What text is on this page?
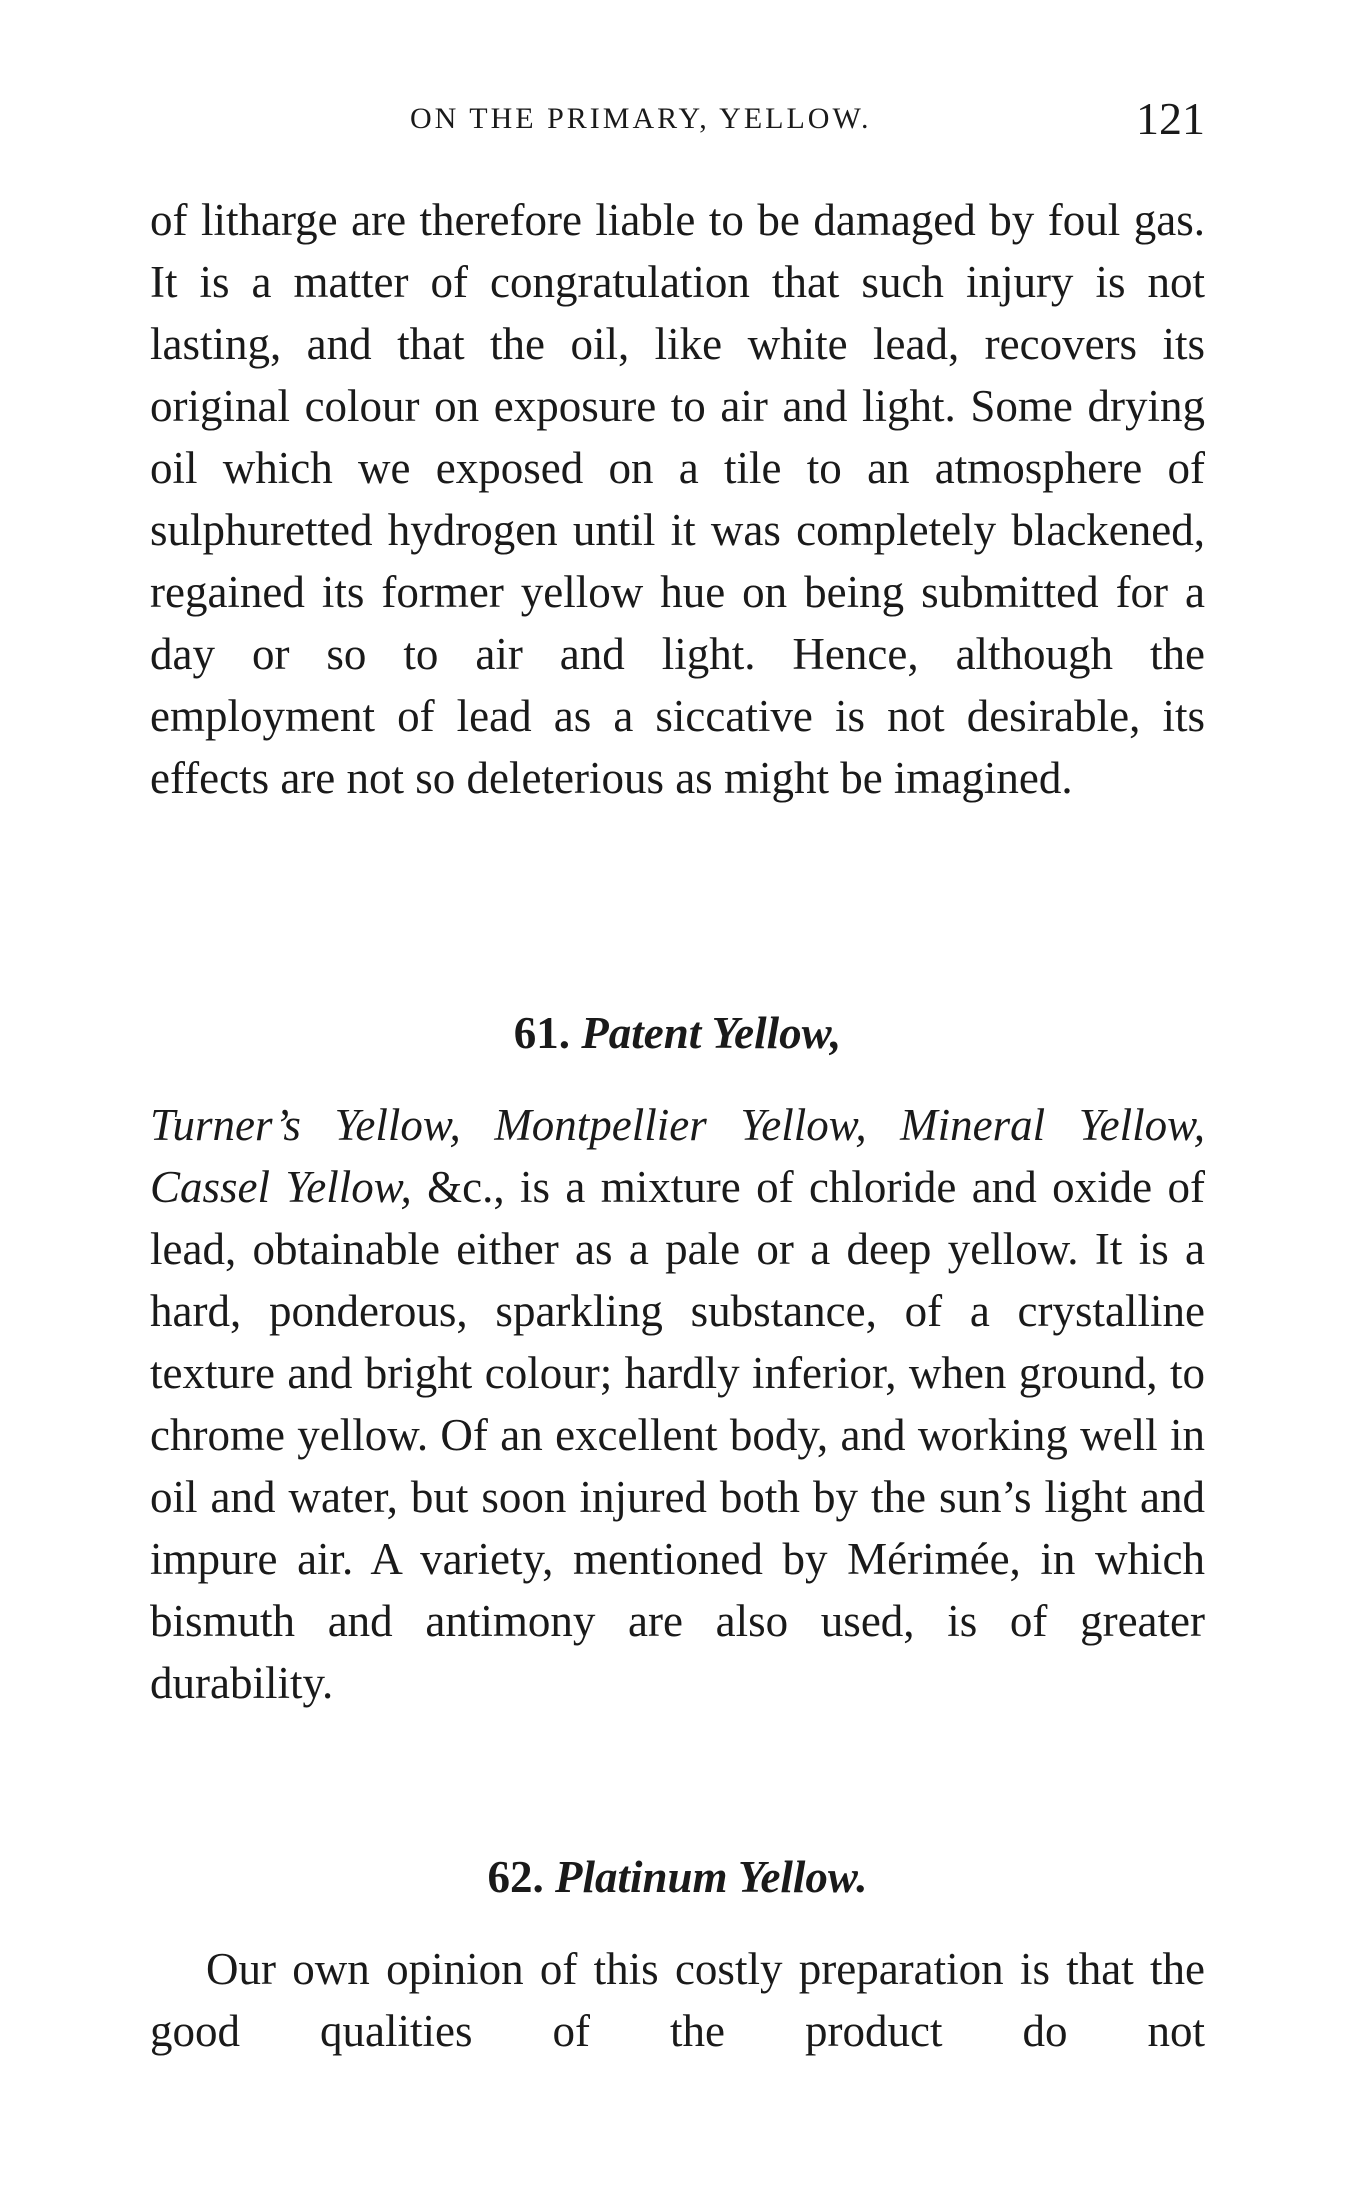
ON THE PRIMARY, YELLOW.	121

of litharge are therefore liable to be damaged by foul gas. It is a matter of congratulation that such injury is not lasting, and that the oil, like white lead, recovers its original colour on exposure to air and light. Some drying oil which we exposed on a tile to an atmosphere of sulphuretted hydrogen until it was completely blackened, regained its former yellow hue on being submitted for a day or so to air and light. Hence, although the employment of lead as a siccative is not desirable, its effects are not so deleterious as might be imagined.

61. Patent Yellow,

Turner’s Yellow, Montpellier Yellow, Mineral Yellow, Cassel Yellow, &c., is a mixture of chloride and oxide of lead, obtainable either as a pale or a deep yellow. It is a hard, ponderous, sparkling substance, of a crystalline texture and bright colour; hardly inferior, when ground, to chrome yellow. Of an excellent body, and working well in oil and water, but soon injured both by the sun’s light and impure air. A variety, mentioned by Mérimée, in which bismuth and antimony are also used, is of greater durability.

62. Platinum Yellow.

Our own opinion of this costly preparation is that the good qualities of the product do not
